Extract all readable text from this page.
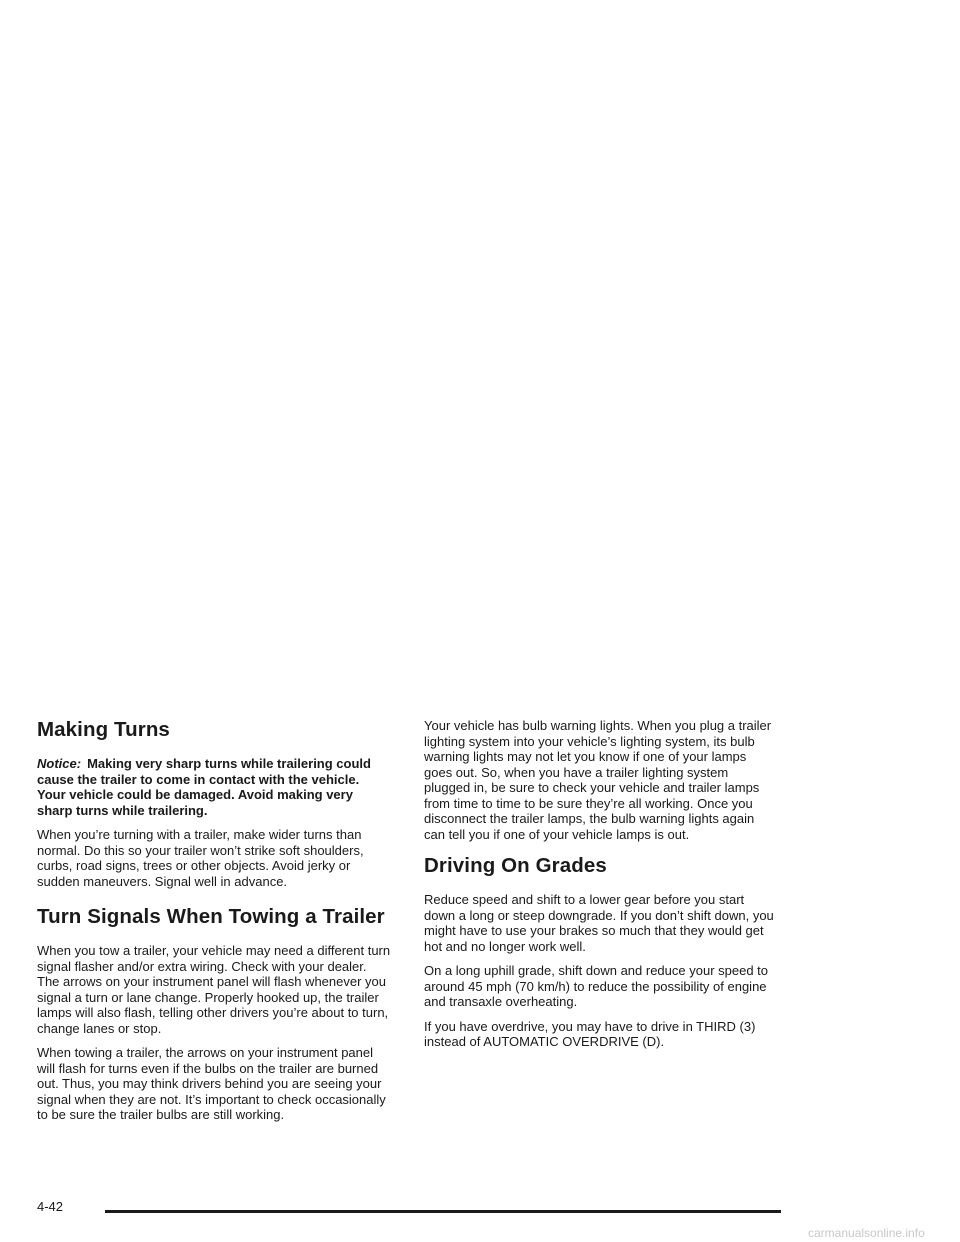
Making Turns

Notice: Making very sharp turns while trailering could cause the trailer to come in contact with the vehicle. Your vehicle could be damaged. Avoid making very sharp turns while trailering.

When you’re turning with a trailer, make wider turns than normal. Do this so your trailer won’t strike soft shoulders, curbs, road signs, trees or other objects. Avoid jerky or sudden maneuvers. Signal well in advance.

Turn Signals When Towing a Trailer

When you tow a trailer, your vehicle may need a different turn signal flasher and/or extra wiring. Check with your dealer. The arrows on your instrument panel will flash whenever you signal a turn or lane change. Properly hooked up, the trailer lamps will also flash, telling other drivers you’re about to turn, change lanes or stop.

When towing a trailer, the arrows on your instrument panel will flash for turns even if the bulbs on the trailer are burned out. Thus, you may think drivers behind you are seeing your signal when they are not. It’s important to check occasionally to be sure the trailer bulbs are still working.

Your vehicle has bulb warning lights. When you plug a trailer lighting system into your vehicle’s lighting system, its bulb warning lights may not let you know if one of your lamps goes out. So, when you have a trailer lighting system plugged in, be sure to check your vehicle and trailer lamps from time to time to be sure they’re all working. Once you disconnect the trailer lamps, the bulb warning lights again can tell you if one of your vehicle lamps is out.

Driving On Grades

Reduce speed and shift to a lower gear before you start down a long or steep downgrade. If you don’t shift down, you might have to use your brakes so much that they would get hot and no longer work well.

On a long uphill grade, shift down and reduce your speed to around 45 mph (70 km/h) to reduce the possibility of engine and transaxle overheating.

If you have overdrive, you may have to drive in THIRD (3) instead of AUTOMATIC OVERDRIVE (D).

4-42
carmanualsonline.info
